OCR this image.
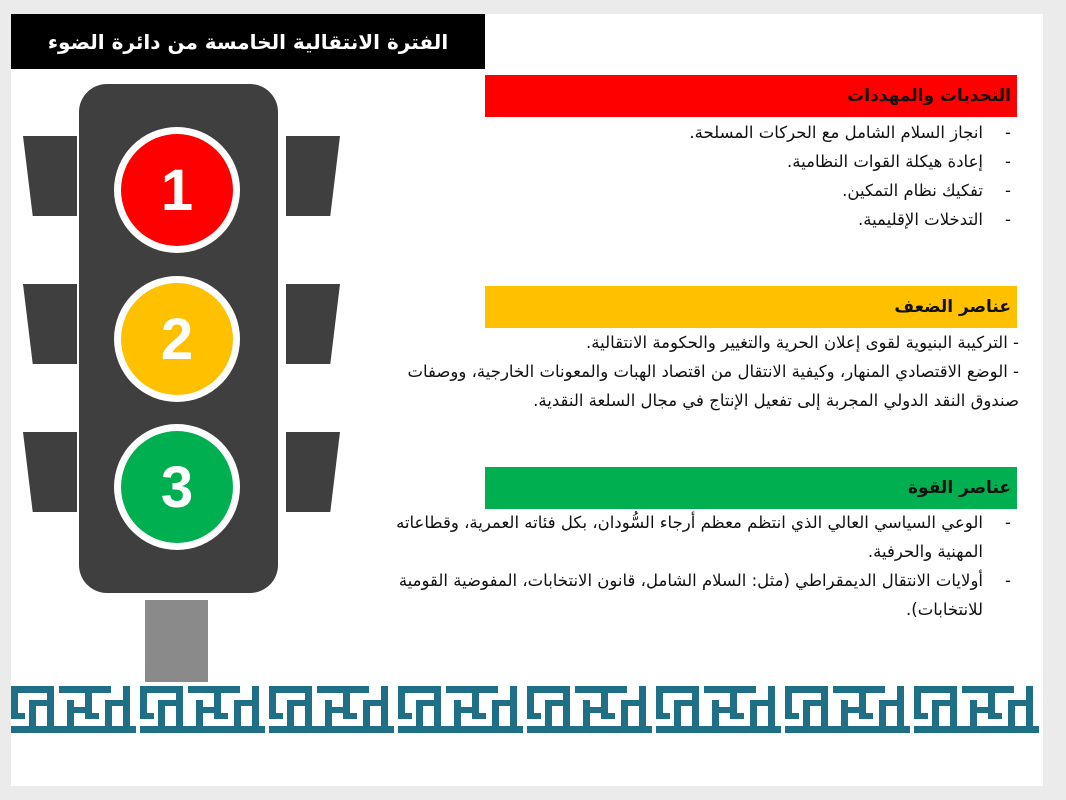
الفترة الانتقالية الخامسة من دائرة الضوء
1
2
3
التحديات والمهددات
- انجاز السلام الشامل مع الحركات المسلحة.
- إعادة هيكلة القوات النظامية.
- تفكيك نظام التمكين.
- التدخلات الإقليمية.
عناصر الضعف

- التركيبة البنيوية لقوى إعلان الحرية والتغيير والحكومة الانتقالية.

- الوضع الاقتصادي المنهار، وكيفية الانتقال من اقتصاد الهبات والمعونات الخارجية، ووصفات صندوق النقد الدولي المجربة إلى تفعيل الإنتاج في مجال السلعة النقدية.

عناصر القوة
- الوعي السياسي العالي الذي انتظم معظم أرجاء السُّودان، بكل فئاته العمرية، وقطاعاته المهنية والحرفية.
- أولايات الانتقال الديمقراطي (مثل: السلام الشامل، قانون الانتخابات، المفوضية القومية للانتخابات).
